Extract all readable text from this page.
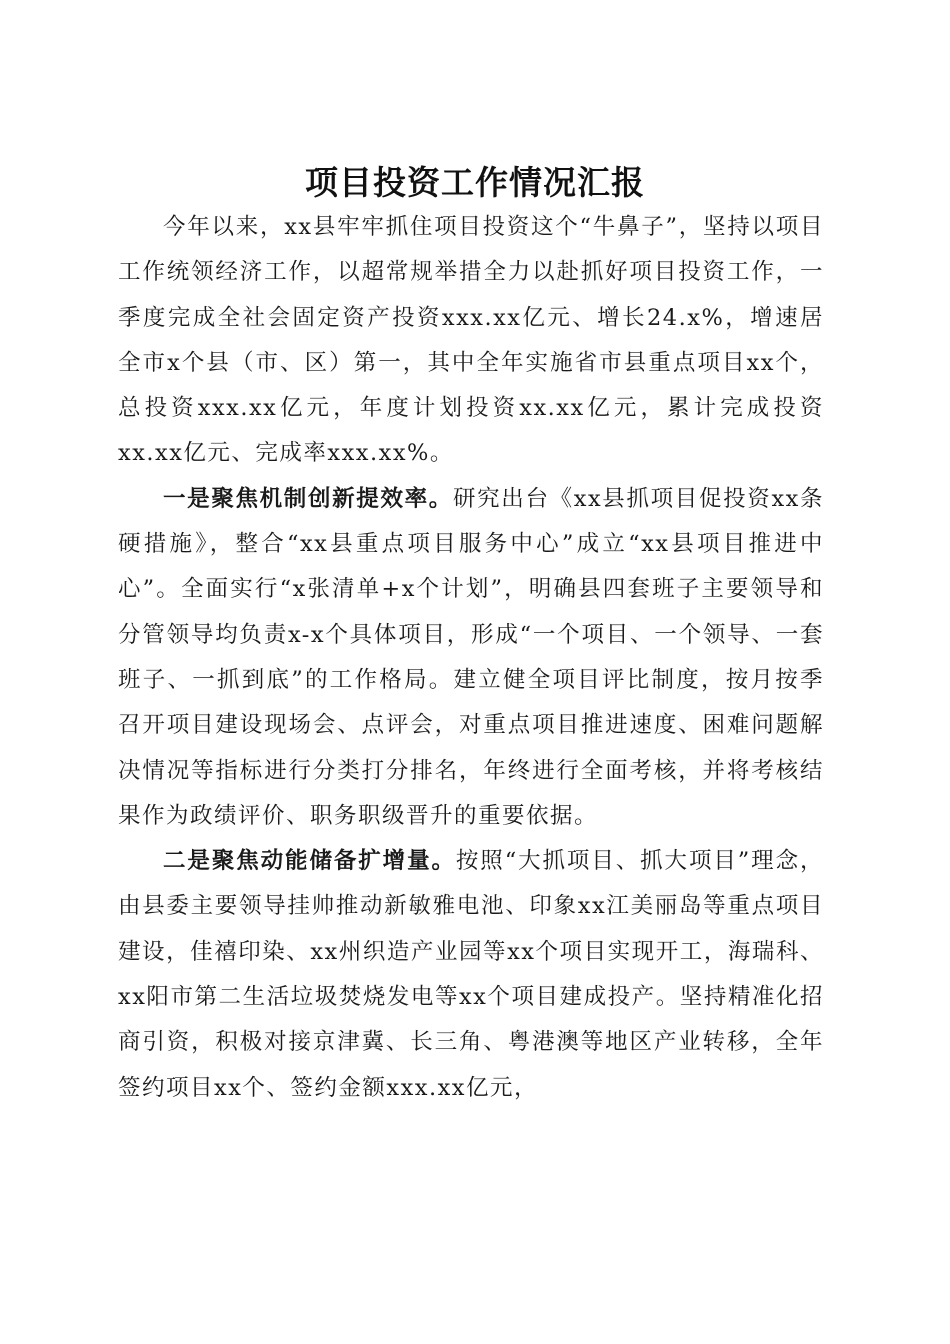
项目投资工作情况汇报

今年以来，xx县牢牢抓住项目投资这个“牛鼻子”，坚持以项目工作统领经济工作，以超常规举措全力以赴抓好项目投资工作，一季度完成全社会固定资产投资xxx.xx亿元、增长24.x%，增速居全市x个县（市、区）第一，其中全年实施省市县重点项目xx个，总投资xxx.xx亿元，年度计划投资xx.xx亿元，累计完成投资xx.xx亿元、完成率xxx.xx%。

一是聚焦机制创新提效率。研究出台《xx县抓项目促投资xx条硬措施》，整合“xx县重点项目服务中心”成立“xx县项目推进中心”。全面实行“x张清单+x个计划”，明确县四套班子主要领导和分管领导均负责x-x个具体项目，形成“一个项目、一个领导、一套班子、一抓到底”的工作格局。建立健全项目评比制度，按月按季召开项目建设现场会、点评会，对重点项目推进速度、困难问题解决情况等指标进行分类打分排名，年终进行全面考核，并将考核结果作为政绩评价、职务职级晋升的重要依据。

二是聚焦动能储备扩增量。按照“大抓项目、抓大项目”理念，由县委主要领导挂帅推动新敏雅电池、印象xx江美丽岛等重点项目建设，佳禧印染、xx州织造产业园等xx个项目实现开工，海瑞科、xx阳市第二生活垃圾焚烧发电等xx个项目建成投产。坚持精准化招商引资，积极对接京津冀、长三角、粤港澳等地区产业转移，全年签约项目xx个、签约金额xxx.xx亿元，
